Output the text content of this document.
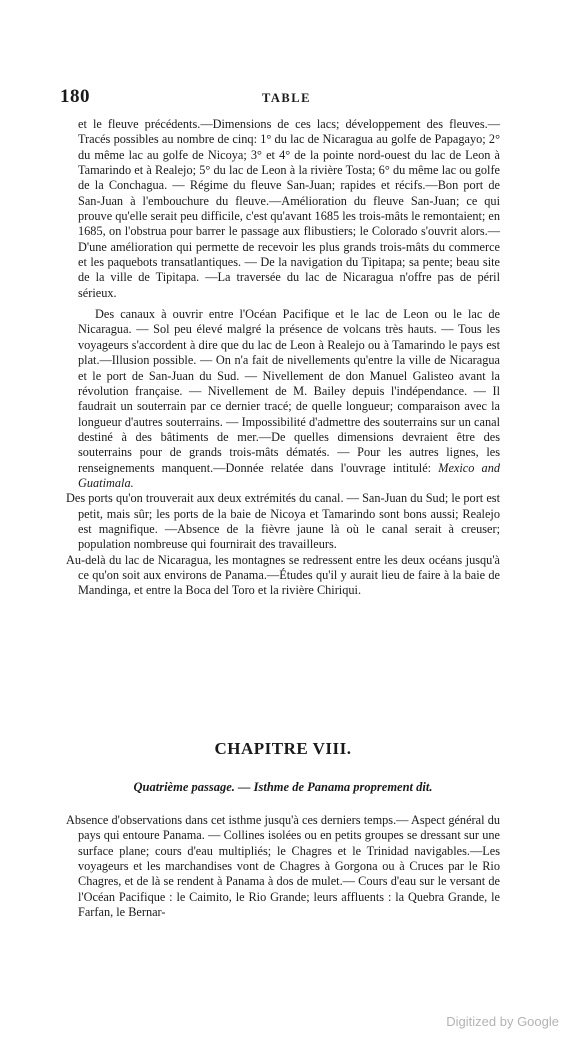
180	TABLE

et le fleuve précédents.—Dimensions de ces lacs; développement des fleuves.—Tracés possibles au nombre de cinq: 1° du lac de Nicaragua au golfe de Papagayo; 2° du même lac au golfe de Nicoya; 3° et 4° de la pointe nord-ouest du lac de Leon à Tamarindo et à Realejo; 5° du lac de Leon à la rivière Tosta; 6° du même lac ou golfe de la Conchagua. — Régime du fleuve San-Juan; rapides et récifs.—Bon port de San-Juan à l'embouchure du fleuve.—Amélioration du fleuve San-Juan; ce qui prouve qu'elle serait peu difficile, c'est qu'avant 1685 les trois-mâts le remontaient; en 1685, on l'obstrua pour barrer le passage aux flibustiers; le Colorado s'ouvrit alors.—D'une amélioration qui permette de recevoir les plus grands trois-mâts du commerce et les paquebots transatlantiques. — De la navigation du Tipitapa; sa pente; beau site de la ville de Tipitapa. —La traversée du lac de Nicaragua n'offre pas de péril sérieux.

Des canaux à ouvrir entre l'Océan Pacifique et le lac de Leon ou le lac de Nicaragua. — Sol peu élevé malgré la présence de volcans très hauts. — Tous les voyageurs s'accordent à dire que du lac de Leon à Realejo ou à Tamarindo le pays est plat.—Illusion possible. — On n'a fait de nivellements qu'entre la ville de Nicaragua et le port de San-Juan du Sud. — Nivellement de don Manuel Galisteo avant la révolution française. — Nivellement de M. Bailey depuis l'indépendance. — Il faudrait un souterrain par ce dernier tracé; de quelle longueur; comparaison avec la longueur d'autres souterrains. — Impossibilité d'admettre des souterrains sur un canal destiné à des bâtiments de mer.—De quelles dimensions devraient être des souterrains pour de grands trois-mâts dématés. — Pour les autres lignes, les renseignements manquent.—Donnée relatée dans l'ouvrage intitulé: Mexico and Guatimala.

Des ports qu'on trouverait aux deux extrémités du canal. — San-Juan du Sud; le port est petit, mais sûr; les ports de la baie de Nicoya et Tamarindo sont bons aussi; Realejo est magnifique. —Absence de la fièvre jaune là où le canal serait à creuser; population nombreuse qui fournirait des travailleurs.

Au-delà du lac de Nicaragua, les montagnes se redressent entre les deux océans jusqu'à ce qu'on soit aux environs de Panama.—Études qu'il y aurait lieu de faire à la baie de Mandinga, et entre la Boca del Toro et la rivière Chiriqui.

CHAPITRE VIII.
Quatrième passage. — Isthme de Panama proprement dit.

Absence d'observations dans cet isthme jusqu'à ces derniers temps.— Aspect général du pays qui entoure Panama. — Collines isolées ou en petits groupes se dressant sur une surface plane; cours d'eau multipliés; le Chagres et le Trinidad navigables.—Les voyageurs et les marchandises vont de Chagres à Gorgona ou à Cruces par le Rio Chagres, et de là se rendent à Panama à dos de mulet.— Cours d'eau sur le versant de l'Océan Pacifique : le Caimito, le Rio Grande; leurs affluents : la Quebra Grande, le Farfan, le Bernar-

Digitized by Google
